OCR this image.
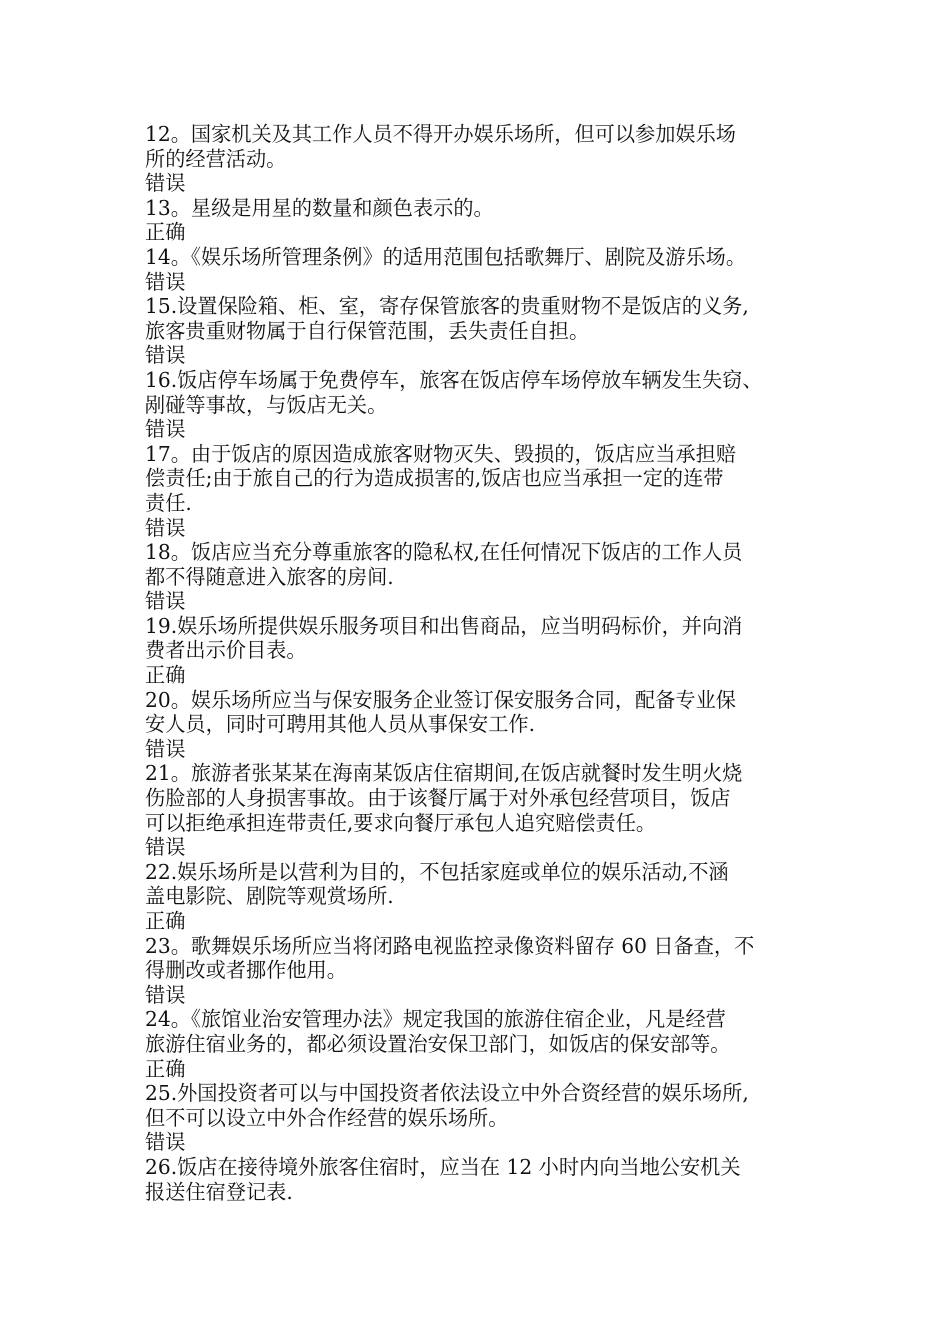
12。国家机关及其工作人员不得开办娱乐场所，但可以参加娱乐场
所的经营活动。
错误
13。星级是用星的数量和颜色表示的。
正确
14。《娱乐场所管理条例》的适用范围包括歌舞厅、剧院及游乐场。
错误
15.设置保险箱、柜、室，寄存保管旅客的贵重财物不是饭店的义务,
旅客贵重财物属于自行保管范围，丢失责任自担。
错误
16.饭店停车场属于免费停车，旅客在饭店停车场停放车辆发生失窃、
剐碰等事故，与饭店无关。
错误
17。由于饭店的原因造成旅客财物灭失、毁损的，饭店应当承担赔
偿责任;由于旅自己的行为造成损害的,饭店也应当承担一定的连带
责任.
错误
18。饭店应当充分尊重旅客的隐私权,在任何情况下饭店的工作人员
都不得随意进入旅客的房间.
错误
19.娱乐场所提供娱乐服务项目和出售商品，应当明码标价，并向消
费者出示价目表。
正确
20。娱乐场所应当与保安服务企业签订保安服务合同，配备专业保
安人员，同时可聘用其他人员从事保安工作.
错误
21。旅游者张某某在海南某饭店住宿期间,在饭店就餐时发生明火烧
伤脸部的人身损害事故。由于该餐厅属于对外承包经营项目，饭店
可以拒绝承担连带责任,要求向餐厅承包人追究赔偿责任。
错误
22.娱乐场所是以营利为目的，不包括家庭或单位的娱乐活动,不涵
盖电影院、剧院等观赏场所.
正确
23。歌舞娱乐场所应当将闭路电视监控录像资料留存 60 日备查，不
得删改或者挪作他用。
错误
24。《旅馆业治安管理办法》规定我国的旅游住宿企业，凡是经营
旅游住宿业务的，都必须设置治安保卫部门，如饭店的保安部等。
正确
25.外国投资者可以与中国投资者依法设立中外合资经营的娱乐场所,
但不可以设立中外合作经营的娱乐场所。
错误
26.饭店在接待境外旅客住宿时，应当在 12 小时内向当地公安机关
报送住宿登记表.
